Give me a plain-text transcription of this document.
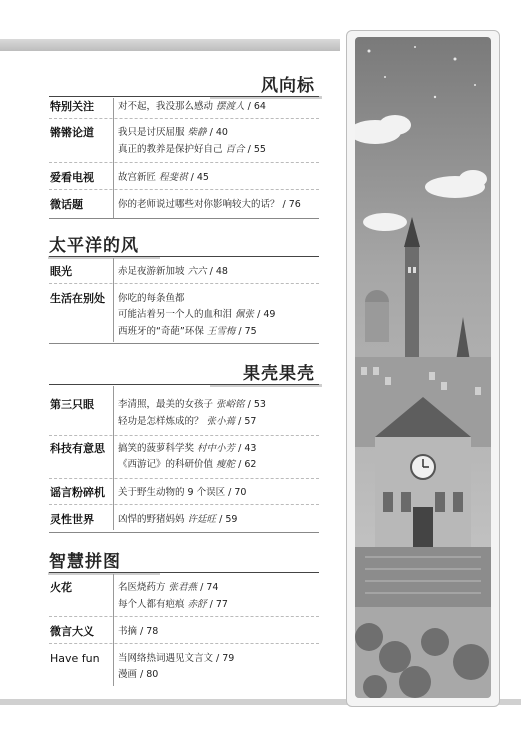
风向标
特别关注	对不起，我没那么感动 摆渡人 / 64
锵锵论道	我只是讨厌屈服 柴静 / 40
真正的教养是保护好自己 百合 / 55
爱看电视	故宫新匠 程斐祺 / 45
微话题	你的老师说过哪些对你影响较大的话？ / 76
太平洋的风
眼光	赤足夜游新加坡 六六 / 48
生活在别处 你吃的每条鱼都
可能沾着另一个人的血和泪 佩张 / 49
西班牙的“奇葩”环保 王雪梅 / 75
果壳果壳
第三只眼	李清照，最美的女孩子 张峪铭 / 53
轻功是怎样炼成的？ 张小蔫 / 57
科技有意思 搞笑的菠萝科学奖 村中小芳 / 43
《西游记》的科研价值 瘦舵 / 62
谣言粉碎机 关于野生动物的 9 个误区 / 70
灵性世界	凶悍的野猪妈妈 许廷旺 / 59
智慧拼图
火花	名医烧药方 张君燕 / 74
每个人都有疤痕 赤舒 / 77
微言大义	书摘 / 78
Have fun 当网络热词遇见文言文 / 79
漫画 / 80
